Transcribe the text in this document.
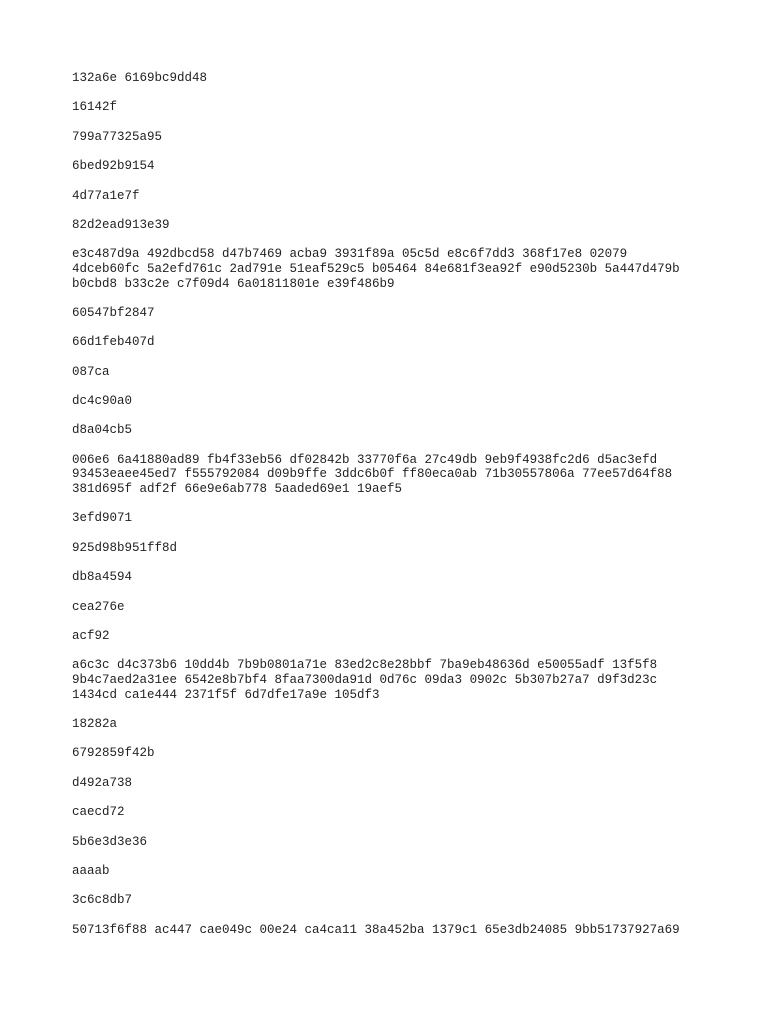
132a6e 6169bc9dd48
16142f
799a77325a95
6bed92b9154
4d77a1e7f
82d2ead913e39
e3c487d9a 492dbcd58 d47b7469 acba9 3931f89a 05c5d e8c6f7dd3 368f17e8 02079
4dceb60fc 5a2efd761c 2ad791e 51eaf529c5 b05464 84e681f3ea92f e90d5230b 5a447d479b
b0cbd8 b33c2e c7f09d4 6a01811801e e39f486b9
60547bf2847
66d1feb407d
087ca
dc4c90a0
d8a04cb5
006e6 6a41880ad89 fb4f33eb56 df02842b 33770f6a 27c49db 9eb9f4938fc2d6 d5ac3efd
93453eaee45ed7 f555792084 d09b9ffe 3ddc6b0f ff80eca0ab 71b30557806a 77ee57d64f88
381d695f adf2f 66e9e6ab778 5aaded69e1 19aef5
3efd9071
925d98b951ff8d
db8a4594
cea276e
acf92
a6c3c d4c373b6 10dd4b 7b9b0801a71e 83ed2c8e28bbf 7ba9eb48636d e50055adf 13f5f8
9b4c7aed2a31ee 6542e8b7bf4 8faa7300da91d 0d76c 09da3 0902c 5b307b27a7 d9f3d23c
1434cd ca1e444 2371f5f 6d7dfe17a9e 105df3
18282a
6792859f42b
d492a738
caecd72
5b6e3d3e36
aaaab
3c6c8db7
50713f6f88 ac447 cae049c 00e24 ca4ca11 38a452ba 1379c1 65e3db24085 9bb51737927a69
